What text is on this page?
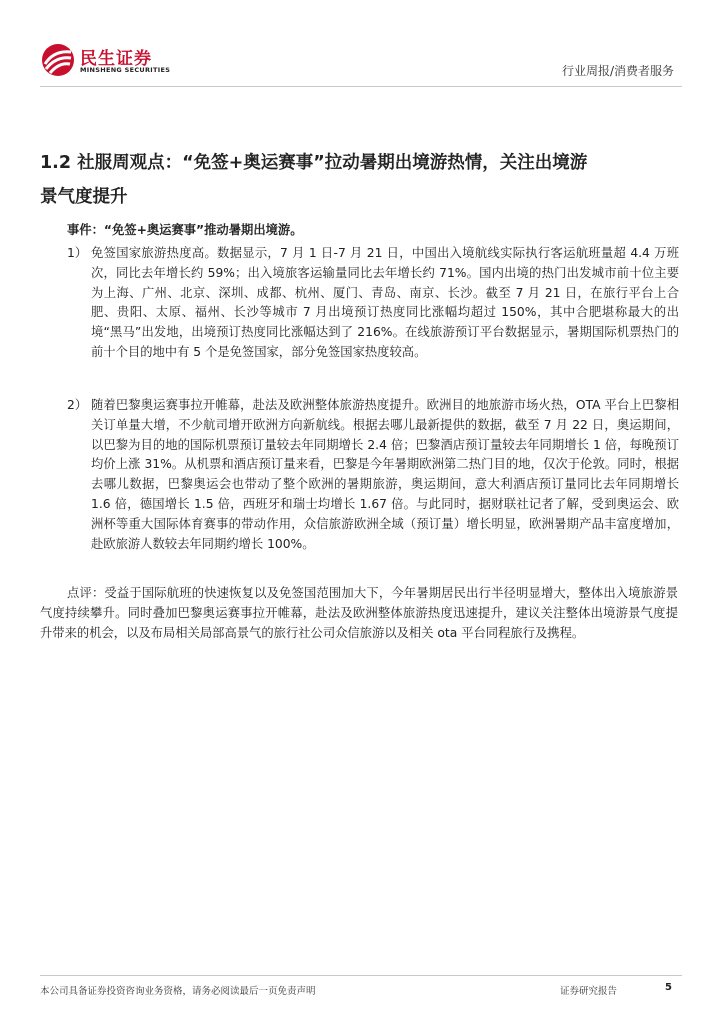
民生证券
MINSHENG SECURITIES	行业周报/消费者服务
1.2 社服周观点：“免签+奥运赛事”拉动暑期出境游热情，关注出境游景气度提升
事件：“免签+奥运赛事”推动暑期出境游。
1） 免签国家旅游热度高。数据显示，7 月 1 日-7 月 21 日，中国出入境航线实际执行客运航班量超 4.4 万班次，同比去年增长约 59%；出入境旅客运输量同比去年增长约 71%。国内出境的热门出发城市前十位主要为上海、广州、北京、深圳、成都、杭州、厦门、青岛、南京、长沙。截至 7 月 21 日，在旅行平台上合肥、贵阳、太原、福州、长沙等城市 7 月出境预订热度同比涨幅均超过 150%，其中合肥堪称最大的出境“黑马”出发地，出境预订热度同比涨幅达到了 216%。在线旅游预订平台数据显示，暑期国际机票热门的前十个目的地中有 5 个是免签国家，部分免签国家热度较高。
2） 随着巴黎奥运赛事拉开帷幕，赴法及欧洲整体旅游热度提升。欧洲目的地旅游市场火热，OTA 平台上巴黎相关订单量大增，不少航司增开欧洲方向新航线。根据去哪儿最新提供的数据，截至 7 月 22 日，奥运期间，以巴黎为目的地的国际机票预订量较去年同期增长 2.4 倍；巴黎酒店预订量较去年同期增长 1 倍，每晚预订均价上涨 31%。从机票和酒店预订量来看，巴黎是今年暑期欧洲第二热门目的地，仅次于伦敦。同时，根据去哪儿数据，巴黎奥运会也带动了整个欧洲的暑期旅游，奥运期间，意大利酒店预订量同比去年同期增长 1.6 倍，德国增长 1.5 倍，西班牙和瑞士均增长 1.67 倍。与此同时，据财联社记者了解，受到奥运会、欧洲杯等重大国际体育赛事的带动作用，众信旅游欧洲全域（预订量）增长明显，欧洲暑期产品丰富度增加，赴欧旅游人数较去年同期约增长 100%。
点评：受益于国际航班的快速恢复以及免签国范围加大下，今年暑期居民出行半径明显增大，整体出入境旅游景气度持续攀升。同时叠加巴黎奥运赛事拉开帷幕，赴法及欧洲整体旅游热度迅速提升，建议关注整体出境游景气度提升带来的机会，以及布局相关局部高景气的旅行社公司众信旅游以及相关 ota 平台同程旅行及携程。
本公司具备证券投资咨询业务资格，请务必阅读最后一页免责声明	证券研究报告	5
